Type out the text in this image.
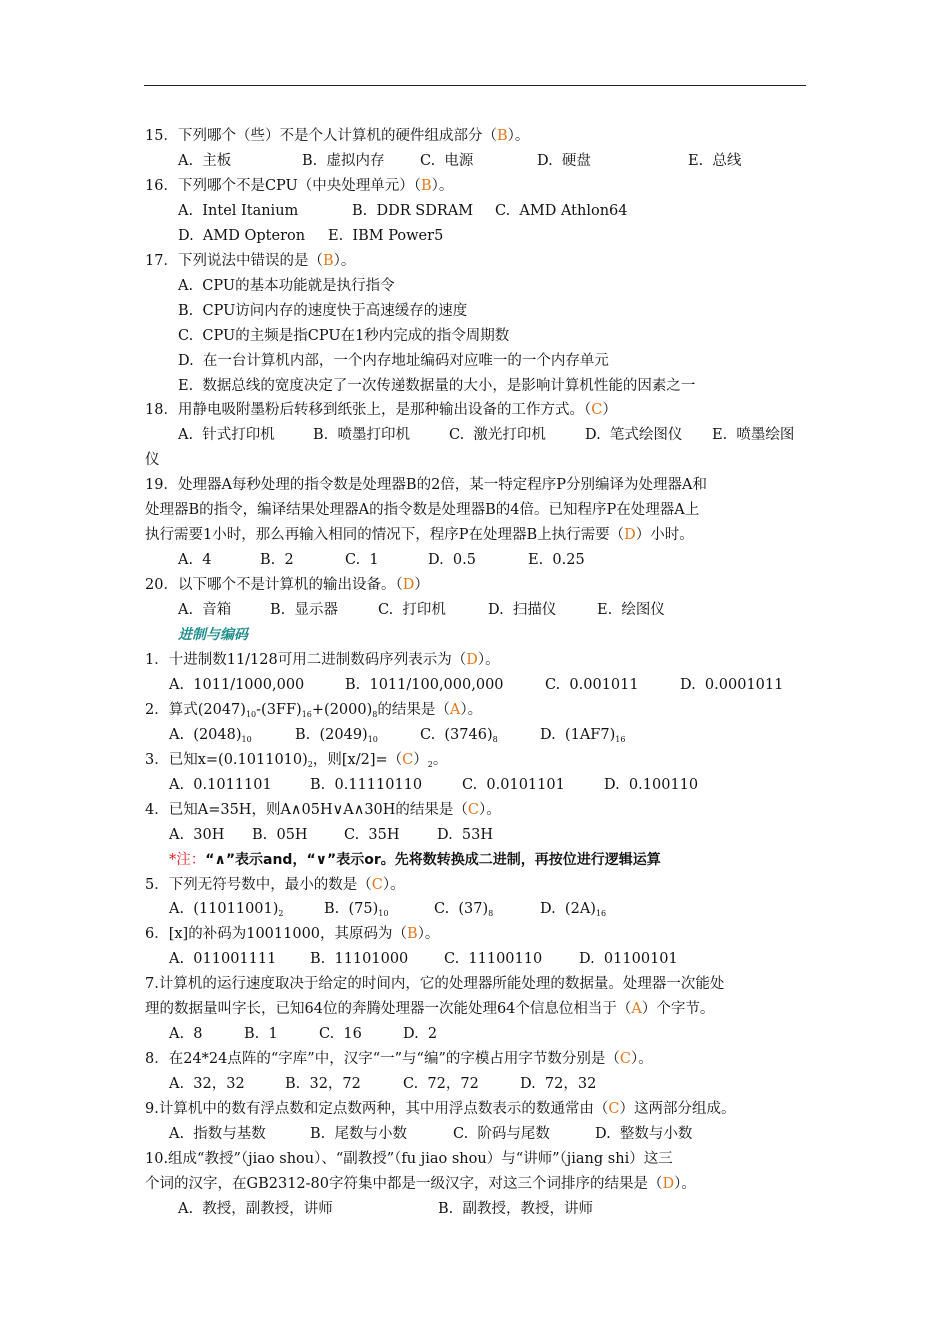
15．下列哪个（些）不是个人计算机的硬件组成部分（B）。
A.  主板	B.  虚拟内存 C.  电源	D.  硬盘	E.  总线
16．下列哪个不是CPU（中央处理单元）（B）。
A.  Intel Itanium	B.  DDR SDRAM C.  AMD Athlon64
D.  AMD Opteron E.  IBM Power5
17．下列说法中错误的是（B）。
A.  CPU的基本功能就是执行指令
B.  CPU访问内存的速度快于高速缓存的速度
C.  CPU的主频是指CPU在1秒内完成的指令周期数
D.  在一台计算机内部，一个内存地址编码对应唯一的一个内存单元
E.  数据总线的宽度决定了一次传递数据量的大小，是影响计算机性能的因素之一
18．用静电吸附墨粉后转移到纸张上，是那种输出设备的工作方式。（C）
A.  针式打印机	B.  喷墨打印机	C.  激光打印机	D.  笔式绘图仪 E.  喷墨绘图
仪
19．处理器A每秒处理的指令数是处理器B的2倍，某一特定程序P分别编译为处理器A和
处理器B的指令，编译结果处理器A的指令数是处理器B的4倍。已知程序P在处理器A上
执行需要1小时，那么再输入相同的情况下，程序P在处理器B上执行需要（D）小时。
A.  4	B.  2	C.  1	D.  0.5	E.  0.25
20．以下哪个不是计算机的输出设备。（D）
A.  音箱	B.  显示器	C.  打印机	D.  扫描仪	E.  绘图仪
进制与编码
1．十进制数11/128可用二进制数码序列表示为（D）。
A.  1011/1000,000	B.  1011/100,000,000	C.  0.001011	D.  0.0001011
2．算式$(2047)_{10}-(3FF)_{16}+(2000)_8$的结果是（A）。
A.  $(2048)_{10}$	B.  $(2049)_{10}$	C.  $(3746)_8$	D.  $(1AF7)_{16}$
3．已知$x=(0.1011010)_2$，则$[x/2]=(C)_2$。
A.  0.1011101	B.  0.11110110	C.  0.0101101	D.  0.100110
4．已知A=35H，则A∧05H∨A∧30H的结果是（C）。
A.  30H B.  05H	C.  35H	D.  53H
*注：“∧”表示and，“∨”表示or。先将数转换成二进制，再按位进行逻辑运算
5．下列无符号数中，最小的数是（C）。
A.  $(11011001)_2$	B.  $(75)_{10}$	C.  $(37)_8$	D.  $(2A)_{16}$
6．[x]的补码为10011000，其原码为（B）。
A.  011001111 B.  11101000 C.  11100110	D.  01100101
7.计算机的运行速度取决于给定的时间内，它的处理器所能处理的数据量。处理器一次能处
理的数据量叫字长，已知64位的奔腾处理器一次能处理64个信息位相当于（A）个字节。
A.  8	B.  1	C.  16	D.  2
8．在24*24点阵的“字库”中，汉字“一”与“编”的字模占用字节数分别是（C）。
A.  32，32	B.  32，72	C.  72，72	D.  72，32
9.计算机中的数有浮点数和定点数两种，其中用浮点数表示的数通常由（C）这两部分组成。
A.  指数与基数	B.  尾数与小数	C.  阶码与尾数	D.  整数与小数
10.组成“教授”（jiao shou）、“副教授”（fu jiao shou）与“讲师”（jiang shi）这三
个词的汉字，在GB2312-80字符集中都是一级汉字，对这三个词排序的结果是（D）。
A.  教授，副教授，讲师	B.  副教授，教授，讲师
